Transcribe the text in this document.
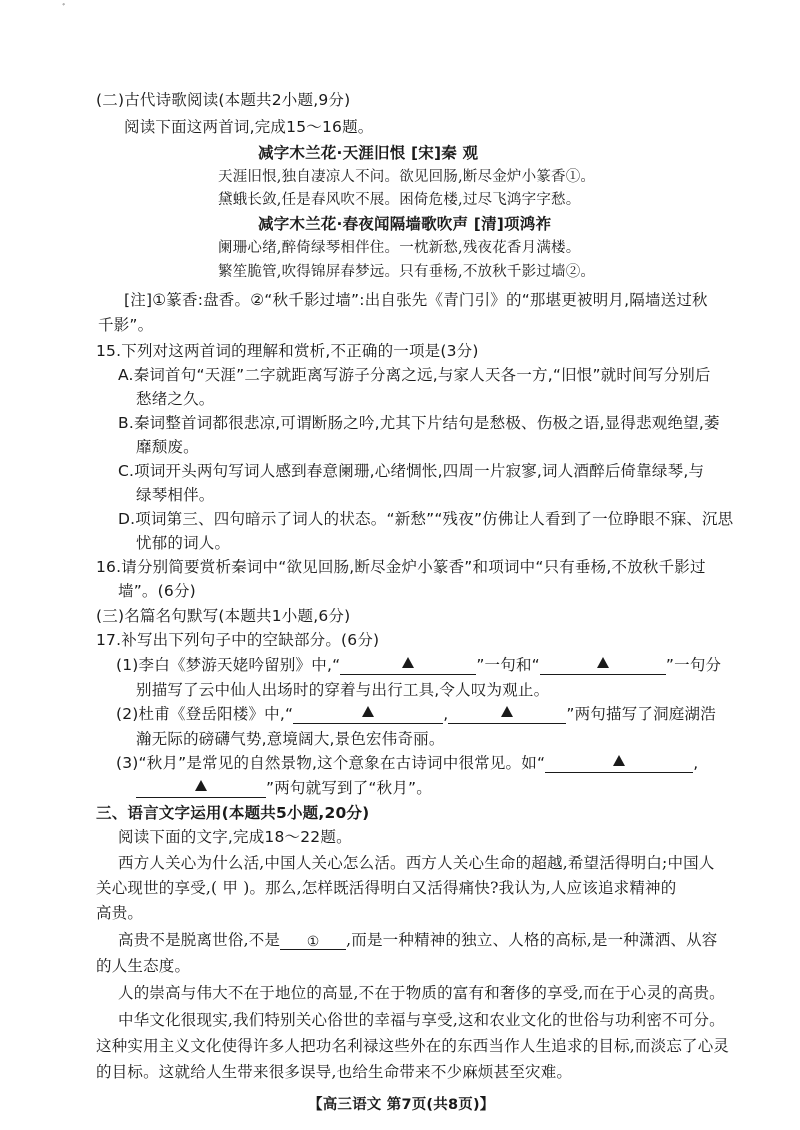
ﾞ
(二)古代诗歌阅读(本题共2小题,9分)
阅读下面这两首词,完成15～16题。
减字木兰花·天涯旧恨 [宋]秦 观
天涯旧恨,独自凄凉人不问。欲见回肠,断尽金炉小篆香①。
黛蛾长敛,任是春风吹不展。困倚危楼,过尽飞鸿字字愁。
减字木兰花·春夜闻隔墙歌吹声 [清]项鸿祚
阑珊心绪,醉倚绿琴相伴住。一枕新愁,残夜花香月满楼。
繁笙脆管,吹得锦屏春梦远。只有垂杨,不放秋千影过墙②。
[注]①篆香:盘香。②“秋千影过墙”:出自张先《青门引》的“那堪更被明月,隔墙送过秋
千影”。
15.下列对这两首词的理解和赏析,不正确的一项是(3分)
A.秦词首句“天涯”二字就距离写游子分离之远,与家人天各一方,“旧恨”就时间写分别后
愁绪之久。
B.秦词整首词都很悲凉,可谓断肠之吟,尤其下片结句是愁极、伤极之语,显得悲观绝望,萎
靡颓废。
C.项词开头两句写词人感到春意阑珊,心绪惆怅,四周一片寂寥,词人酒醉后倚靠绿琴,与
绿琴相伴。
D.项词第三、四句暗示了词人的状态。“新愁”“残夜”仿佛让人看到了一位睁眼不寐、沉思
忧郁的词人。
16.请分别简要赏析秦词中“欲见回肠,断尽金炉小篆香”和项词中“只有垂杨,不放秋千影过
墙”。(6分)
(三)名篇名句默写(本题共1小题,6分)
17.补写出下列句子中的空缺部分。(6分)
(1)李白《梦游天姥吟留别》中,“	”一句和“	”一句分
别描写了云中仙人出场时的穿着与出行工具,令人叹为观止。
(2)杜甫《登岳阳楼》中,“	,	”两句描写了洞庭湖浩
瀚无际的磅礴气势,意境阔大,景色宏伟奇丽。
(3)“秋月”是常见的自然景物,这个意象在古诗词中很常见。如“	,
”两句就写到了“秋月”。
三、语言文字运用(本题共5小题,20分)
阅读下面的文字,完成18～22题。
西方人关心为什么活,中国人关心怎么活。西方人关心生命的超越,希望活得明白;中国人
关心现世的享受,( 甲 )。那么,怎样既活得明白又活得痛快?我认为,人应该追求精神的
高贵。
高贵不是脱离世俗,不是 ① ,而是一种精神的独立、人格的高标,是一种潇洒、从容
的人生态度。
人的崇高与伟大不在于地位的高显,不在于物质的富有和奢侈的享受,而在于心灵的高贵。
中华文化很现实,我们特别关心俗世的幸福与享受,这和农业文化的世俗与功利密不可分。
这种实用主义文化使得许多人把功名利禄这些外在的东西当作人生追求的目标,而淡忘了心灵
的目标。这就给人生带来很多误导,也给生命带来不少麻烦甚至灾难。
【高三语文 第7页(共8页)】
